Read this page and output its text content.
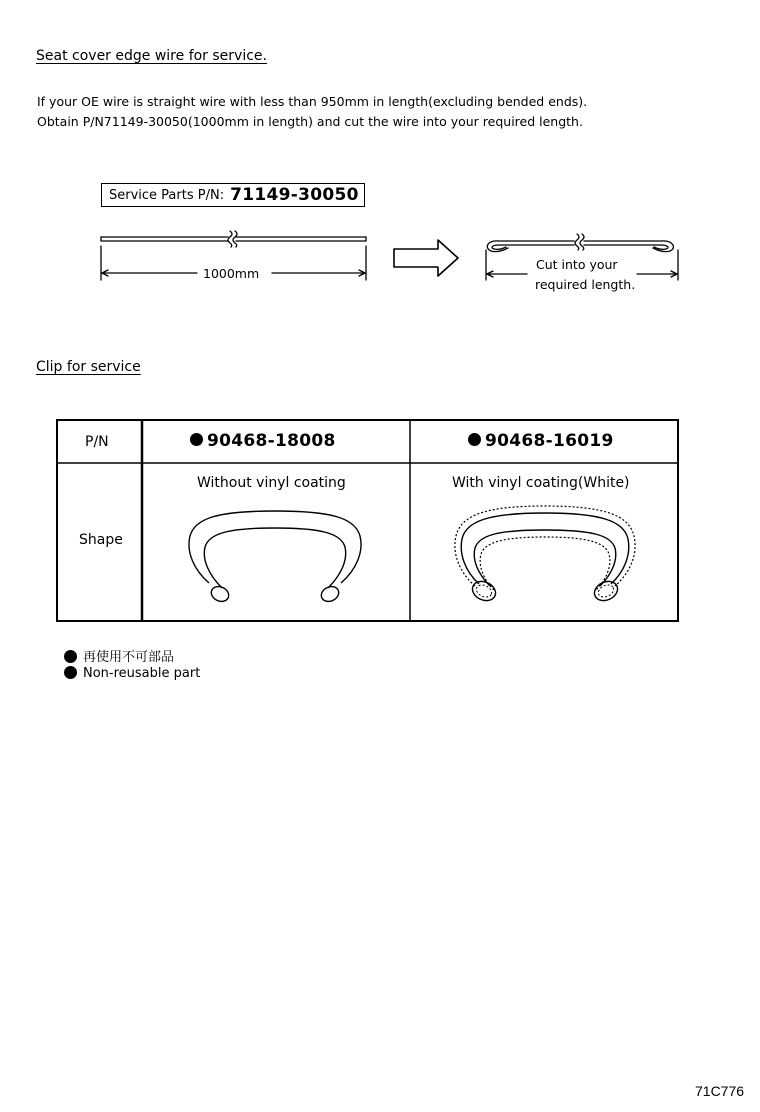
Seat cover edge wire for service.
If your OE wire is straight wire with less than 950mm in length(excluding bended ends).
Obtain P/N71149-30050(1000mm in length) and cut the wire into your required length.
Service Parts P/N: 71149-30050
1000mm
Cut into your
required length.
Clip for service
P/N
Shape
90468-18008	90468-16019
Without vinyl coating	With vinyl coating(White)
再使用不可部品
Non-reusable part
71C776
